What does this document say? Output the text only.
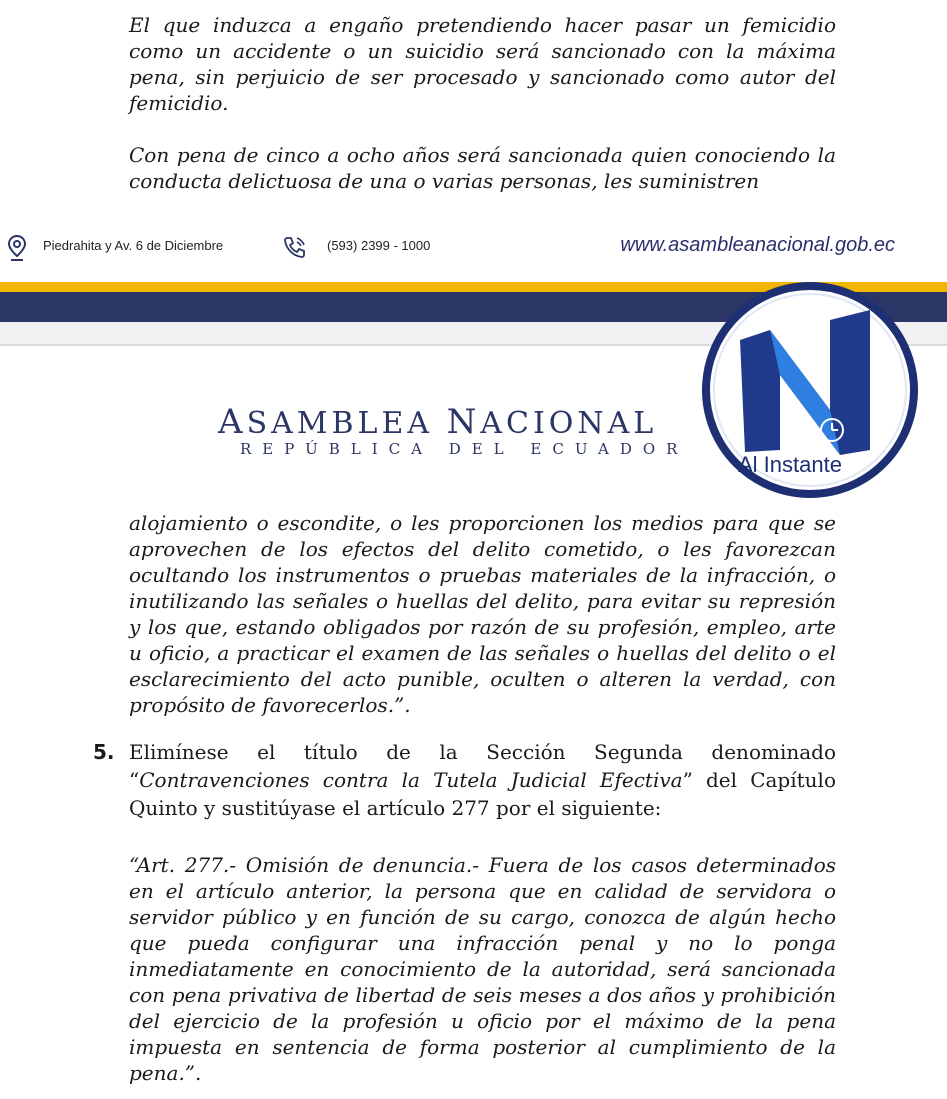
El que induzca a engaño pretendiendo hacer pasar un femicidio como un accidente o un suicidio será sancionado con la máxima pena, sin perjuicio de ser procesado y sancionado como autor del femicidio.

Con pena de cinco a ocho años será sancionada quien conociendo la conducta delictuosa de una o varias personas, les suministren

Piedrahita y Av. 6 de Diciembre	(593) 2399 - 1000	www.asambleanacional.gob.ec
ASAMBLEA NACIONAL
REPÚBLICA DEL ECUADOR
Al Instante

alojamiento o escondite, o les proporcionen los medios para que se aprovechen de los efectos del delito cometido, o les favorezcan ocultando los instrumentos o pruebas materiales de la infracción, o inutilizando las señales o huellas del delito, para evitar su represión y los que, estando obligados por razón de su profesión, empleo, arte u oficio, a practicar el examen de las señales o huellas del delito o el esclarecimiento del acto punible, oculten o alteren la verdad, con propósito de favorecerlos.”.

5. Elimínese el título de la Sección Segunda denominado “Contravenciones contra la Tutela Judicial Efectiva” del Capítulo Quinto y sustitúyase el artículo 277 por el siguiente:

“Art. 277.- Omisión de denuncia.- Fuera de los casos determinados en el artículo anterior, la persona que en calidad de servidora o servidor público y en función de su cargo, conozca de algún hecho que pueda configurar una infracción penal y no lo ponga inmediatamente en conocimiento de la autoridad, será sancionada con pena privativa de libertad de seis meses a dos años y prohibición del ejercicio de la profesión u oficio por el máximo de la pena impuesta en sentencia de forma posterior al cumplimiento de la pena.”.
